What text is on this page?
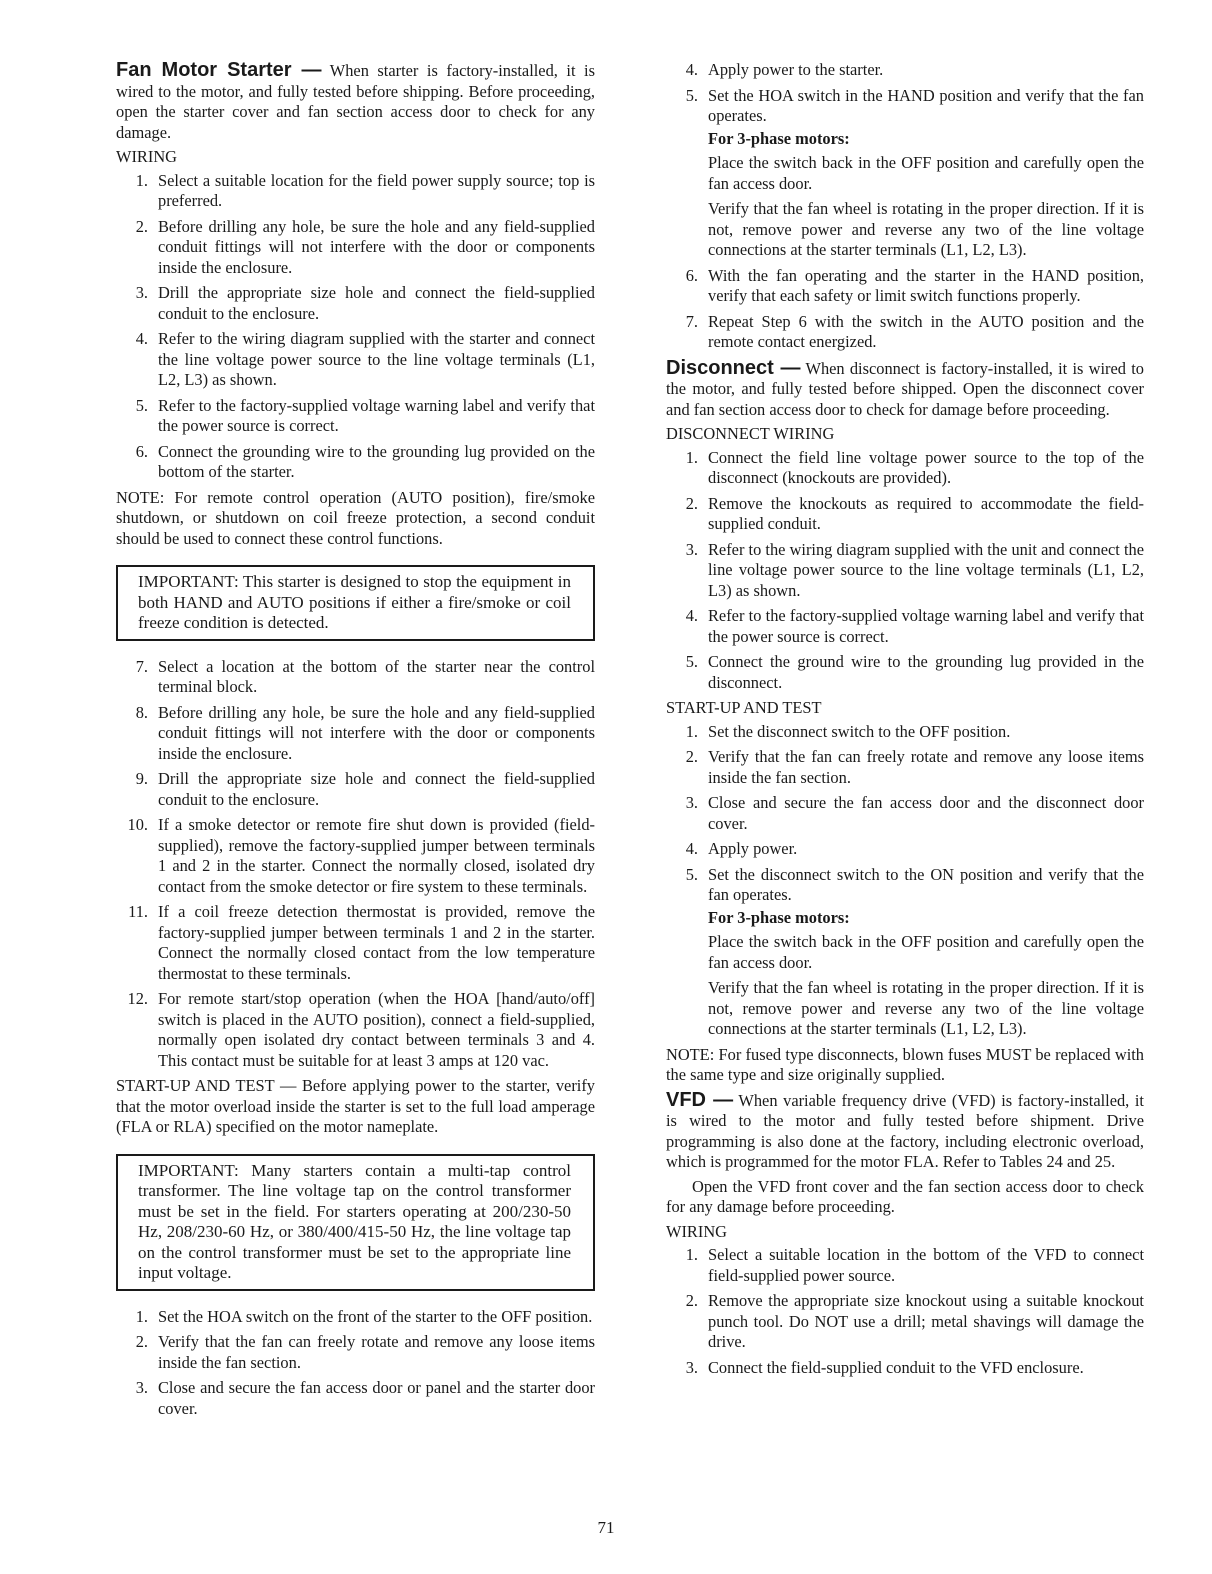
Fan Motor Starter — When starter is factory-installed, it is wired to the motor, and fully tested before shipping. Before proceeding, open the starter cover and fan section access door to check for any damage.

WIRING
1. Select a suitable location for the field power supply source; top is preferred.
2. Before drilling any hole, be sure the hole and any field-supplied conduit fittings will not interfere with the door or components inside the enclosure.
3. Drill the appropriate size hole and connect the field-supplied conduit to the enclosure.
4. Refer to the wiring diagram supplied with the starter and connect the line voltage power source to the line voltage terminals (L1, L2, L3) as shown.
5. Refer to the factory-supplied voltage warning label and verify that the power source is correct.
6. Connect the grounding wire to the grounding lug provided on the bottom of the starter.

NOTE: For remote control operation (AUTO position), fire/smoke shutdown, or shutdown on coil freeze protection, a second conduit should be used to connect these control functions.

IMPORTANT: This starter is designed to stop the equipment in both HAND and AUTO positions if either a fire/smoke or coil freeze condition is detected.
7. Select a location at the bottom of the starter near the control terminal block.
8. Before drilling any hole, be sure the hole and any field-supplied conduit fittings will not interfere with the door or components inside the enclosure.
9. Drill the appropriate size hole and connect the field-supplied conduit to the enclosure.
10. If a smoke detector or remote fire shut down is provided (field-supplied), remove the factory-supplied jumper between terminals 1 and 2 in the starter. Connect the normally closed, isolated dry contact from the smoke detector or fire system to these terminals.
11. If a coil freeze detection thermostat is provided, remove the factory-supplied jumper between terminals 1 and 2 in the starter. Connect the normally closed contact from the low temperature thermostat to these terminals.
12. For remote start/stop operation (when the HOA [hand/auto/off] switch is placed in the AUTO position), connect a field-supplied, normally open isolated dry contact between terminals 3 and 4. This contact must be suitable for at least 3 amps at 120 vac.

START-UP AND TEST — Before applying power to the starter, verify that the motor overload inside the starter is set to the full load amperage (FLA or RLA) specified on the motor nameplate.

IMPORTANT: Many starters contain a multi-tap control transformer. The line voltage tap on the control transformer must be set in the field. For starters operating at 200/230-50 Hz, 208/230-60 Hz, or 380/400/415-50 Hz, the line voltage tap on the control transformer must be set to the appropriate line input voltage.
1. Set the HOA switch on the front of the starter to the OFF position.
2. Verify that the fan can freely rotate and remove any loose items inside the fan section.
3. Close and secure the fan access door or panel and the starter door cover.
4. Apply power to the starter.
5. Set the HOA switch in the HAND position and verify that the fan operates.
For 3-phase motors:
Place the switch back in the OFF position and carefully open the fan access door.
Verify that the fan wheel is rotating in the proper direction. If it is not, remove power and reverse any two of the line voltage connections at the starter terminals (L1, L2, L3).
6. With the fan operating and the starter in the HAND position, verify that each safety or limit switch functions properly.
7. Repeat Step 6 with the switch in the AUTO position and the remote contact energized.

Disconnect — When disconnect is factory-installed, it is wired to the motor, and fully tested before shipped. Open the disconnect cover and fan section access door to check for damage before proceeding.

DISCONNECT WIRING
1. Connect the field line voltage power source to the top of the disconnect (knockouts are provided).
2. Remove the knockouts as required to accommodate the field-supplied conduit.
3. Refer to the wiring diagram supplied with the unit and connect the line voltage power source to the line voltage terminals (L1, L2, L3) as shown.
4. Refer to the factory-supplied voltage warning label and verify that the power source is correct.
5. Connect the ground wire to the grounding lug provided in the disconnect.
START-UP AND TEST
1. Set the disconnect switch to the OFF position.
2. Verify that the fan can freely rotate and remove any loose items inside the fan section.
3. Close and secure the fan access door and the disconnect door cover.
4. Apply power.
5. Set the disconnect switch to the ON position and verify that the fan operates.
For 3-phase motors:
Place the switch back in the OFF position and carefully open the fan access door.
Verify that the fan wheel is rotating in the proper direction. If it is not, remove power and reverse any two of the line voltage connections at the starter terminals (L1, L2, L3).

NOTE: For fused type disconnects, blown fuses MUST be replaced with the same type and size originally supplied.

VFD — When variable frequency drive (VFD) is factory-installed, it is wired to the motor and fully tested before shipment. Drive programming is also done at the factory, including electronic overload, which is programmed for the motor FLA. Refer to Tables 24 and 25.

Open the VFD front cover and the fan section access door to check for any damage before proceeding.

WIRING
1. Select a suitable location in the bottom of the VFD to connect field-supplied power source.
2. Remove the appropriate size knockout using a suitable knockout punch tool. Do NOT use a drill; metal shavings will damage the drive.
3. Connect the field-supplied conduit to the VFD enclosure.
71
